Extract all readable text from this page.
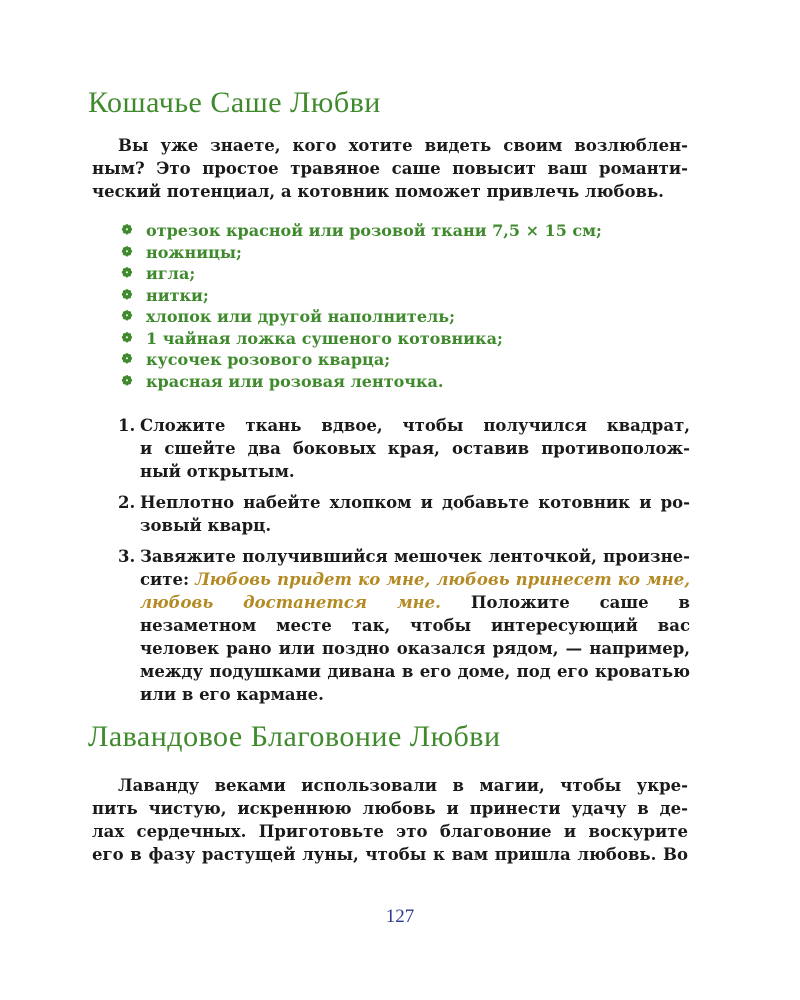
Кошачье Саше Любви

Вы уже знаете, кого хотите видеть своим возлюблен-

ным? Это простое травяное саше повысит ваш романти-

ческий потенциал, а котовник поможет привлечь любовь.

❁ отрезок красной или розовой ткани 7,5 × 15 см;
❁ ножницы;
❁ игла;
❁ нитки;
❁ хлопок или другой наполнитель;
❁ 1 чайная ложка сушеного котовника;
❁ кусочек розового кварца;
❁ красная или розовая ленточка.

1. Сложите ткань вдвое, чтобы получился квадрат,

и сшейте два боковых края, оставив противополож-

ный открытым.

2. Неплотно набейте хлопком и добавьте котовник и ро-

зовый кварц.

3. Завяжите получившийся мешочек ленточкой, произне-сите: Любовь придет ко мне, любовь принесет ко мне, любовь достанется мне. Положите саше в незаметном месте так, чтобы интересующий вас человек рано или поздно оказался рядом, — например, между подушками дивана в его доме, под его кроватью или в его кармане.
Лавандовое Благовоние Любви

Лаванду веками использовали в магии, чтобы укре-

пить чистую, искреннюю любовь и принести удачу в де-

лах сердечных. Приготовьте это благовоние и воскурите

его в фазу растущей луны, чтобы к вам пришла любовь. Во

127
